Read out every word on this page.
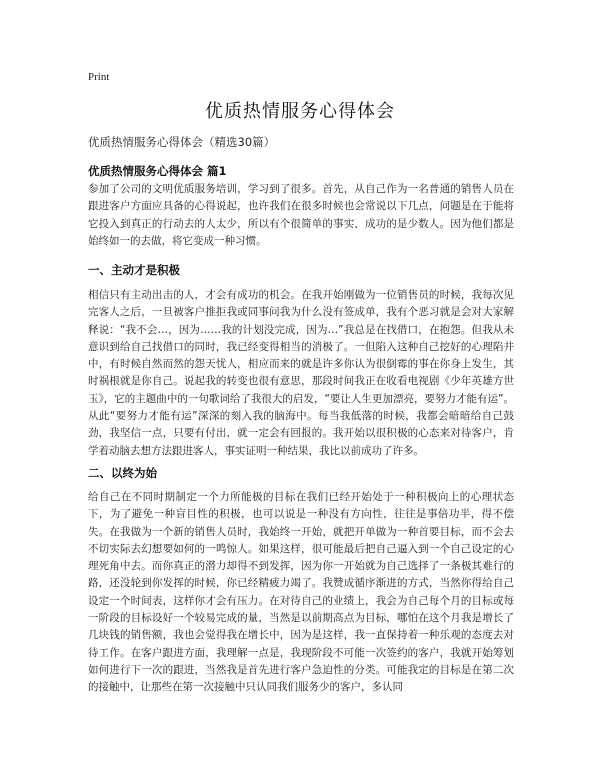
Print
优质热情服务心得体会
优质热情服务心得体会（精选30篇）
优质热情服务心得体会 篇1

参加了公司的文明优质服务培训，学习到了很多。首先，从自己作为一名普通的销售人员在跟进客户方面应具备的心得说起，也许我们在很多时候也会常说以下几点，问题是在于能将它投入到真正的行动去的人太少，所以有个很简单的事实，成功的是少数人。因为他们都是始终如一的去做，将它变成一种习惯。

一、主动才是积极

相信只有主动出击的人，才会有成功的机会。在我开始刚做为一位销售员的时候，我每次见完客人之后，一旦被客户推拒我或同事问我为什么没有签成单，我有个恶习就是会对大家解释说：“我不会…，因为……我的计划没完成，因为…”我总是在找借口，在抱怨。但我从未意识到给自己找借口的同时，我已经变得相当的消极了。一但陷入这种自己挖好的心理陷井中，有时候自然而然的怨天忧人，相应而来的就是许多你认为很倒霉的事在你身上发生，其时祸根就是你自己。说起我的转变也很有意思，那段时间我正在收看电视剧《少年英雄方世玉》，它的主题曲中的一句歌词给了我很大的启发，“要让人生更加漂亮，要努力才能有运”。从此“要努力才能有运”深深的刻入我的脑海中。每当我低落的时候，我都会暗暗给自己鼓劲，我坚信一点，只要有付出，就一定会有回报的。我开始以很积极的心态来对待客户，肯学着动脑去想方法跟进客人，事实证明一种结果，我比以前成功了许多。

二、以终为始

给自己在不同时期制定一个力所能极的目标在我们已经开始处于一种积极向上的心理状态下，为了避免一种盲目性的积极，也可以说是一种没有方向性，往往是事倍功半，得不偿失。在我做为一个新的销售人员时，我始终一开始，就把开单做为一种首要目标，而不会去不切实际去幻想要如何的一鸣惊人。如果这样，很可能最后把自己逼入到一个自己设定的心理死角中去。而你真正的潜力却得不到发挥，因为你一开始就为自己选择了一条极其难行的路，还没轮到你发挥的时候，你已经精疲力竭了。我赞成循序渐进的方式，当然你得给自己设定一个时间表，这样你才会有压力。在对待自己的业绩上，我会为自己每个月的目标或每一阶段的目标设好一个较易完成的量，当然是以前期高点为目标，哪怕在这个月我是增长了几块钱的销售额，我也会觉得我在增长中，因为是这样，我一直保持着一种乐观的态度去对待工作。在客户跟进方面，我理解一点是，我现阶段不可能一次签约的客户，我就开始筹划如何进行下一次的跟进，当然我是首先进行客户急迫性的分类。可能我定的目标是在第二次的接触中，让那些在第一次接触中只认同我们服务少的客户，多认同
